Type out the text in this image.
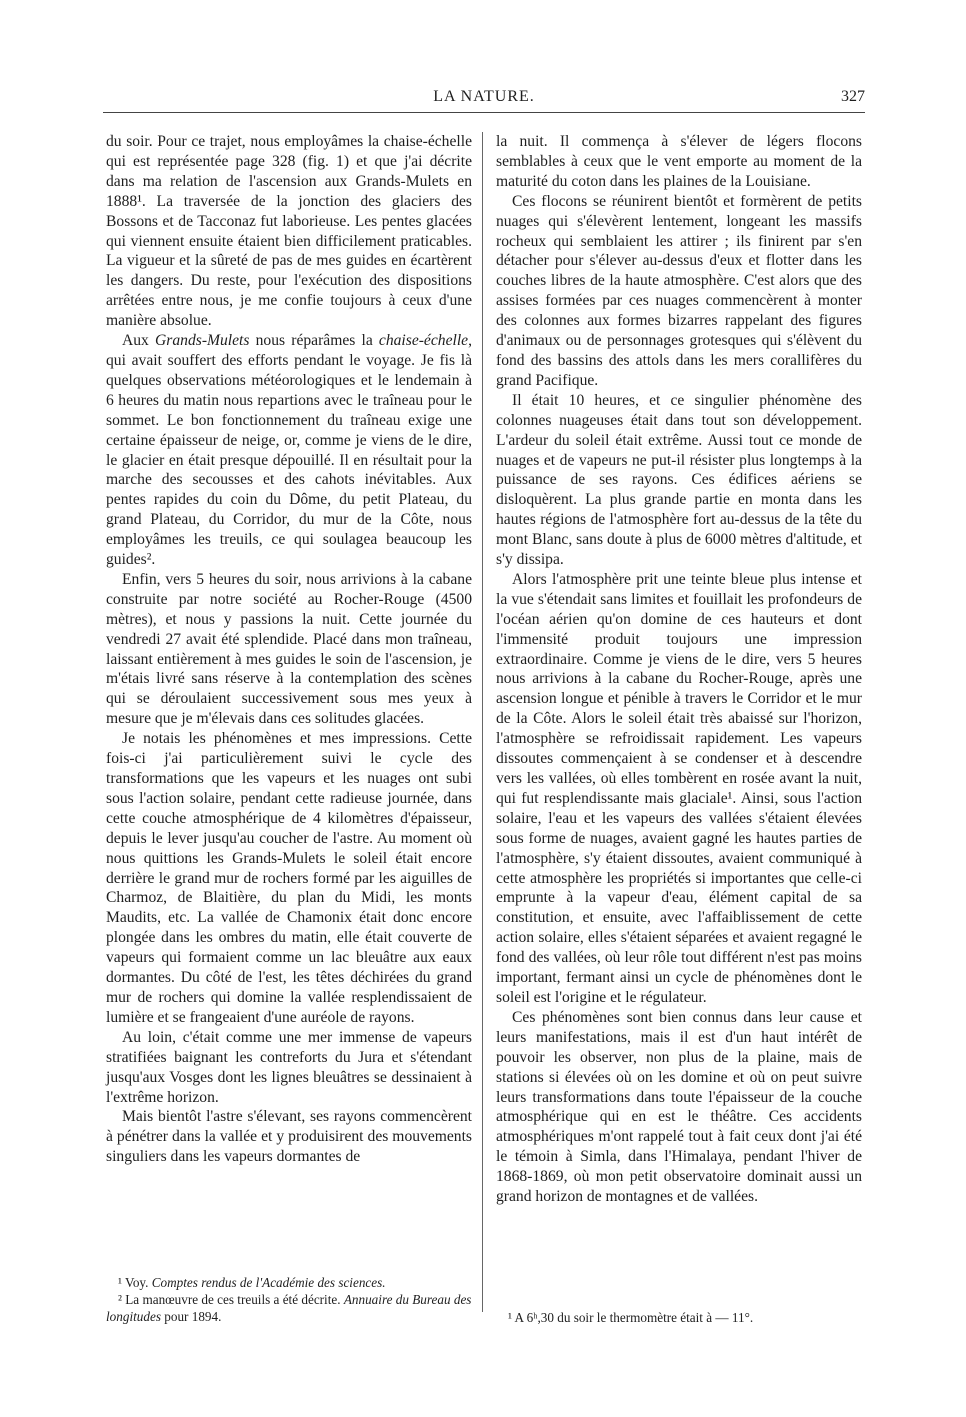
LA NATURE.	327

du soir. Pour ce trajet, nous employâmes la chaise-échelle qui est représentée page 328 (fig. 1) et que j'ai décrite dans ma relation de l'ascension aux Grands-Mulets en 1888¹. La traversée de la jonction des glaciers des Bossons et de Tacconaz fut laborieuse. Les pentes glacées qui viennent ensuite étaient bien difficilement praticables. La vigueur et la sûreté de pas de mes guides en écartèrent les dangers. Du reste, pour l'exécution des dispositions arrêtées entre nous, je me confie toujours à ceux d'une manière absolue.

Aux Grands-Mulets nous réparâmes la chaise-échelle, qui avait souffert des efforts pendant le voyage. Je fis là quelques observations météorologiques et le lendemain à 6 heures du matin nous repartions avec le traîneau pour le sommet. Le bon fonctionnement du traîneau exige une certaine épaisseur de neige, or, comme je viens de le dire, le glacier en était presque dépouillé. Il en résultait pour la marche des secousses et des cahots inévitables. Aux pentes rapides du coin du Dôme, du petit Plateau, du grand Plateau, du Corridor, du mur de la Côte, nous employâmes les treuils, ce qui soulagea beaucoup les guides².

Enfin, vers 5 heures du soir, nous arrivions à la cabane construite par notre société au Rocher-Rouge (4500 mètres), et nous y passions la nuit. Cette journée du vendredi 27 avait été splendide. Placé dans mon traîneau, laissant entièrement à mes guides le soin de l'ascension, je m'étais livré sans réserve à la contemplation des scènes qui se déroulaient successivement sous mes yeux à mesure que je m'élevais dans ces solitudes glacées.

Je notais les phénomènes et mes impressions. Cette fois-ci j'ai particulièrement suivi le cycle des transformations que les vapeurs et les nuages ont subi sous l'action solaire, pendant cette radieuse journée, dans cette couche atmosphérique de 4 kilomètres d'épaisseur, depuis le lever jusqu'au coucher de l'astre. Au moment où nous quittions les Grands-Mulets le soleil était encore derrière le grand mur de rochers formé par les aiguilles de Charmoz, de Blaitière, du plan du Midi, les monts Maudits, etc. La vallée de Chamonix était donc encore plongée dans les ombres du matin, elle était couverte de vapeurs qui formaient comme un lac bleuâtre aux eaux dormantes. Du côté de l'est, les têtes déchirées du grand mur de rochers qui domine la vallée resplendissaient de lumière et se frangeaient d'une auréole de rayons.

Au loin, c'était comme une mer immense de vapeurs stratifiées baignant les contreforts du Jura et s'étendant jusqu'aux Vosges dont les lignes bleuâtres se dessinaient à l'extrême horizon.

Mais bientôt l'astre s'élevant, ses rayons commencèrent à pénétrer dans la vallée et y produisirent des mouvements singuliers dans les vapeurs dormantes de

la nuit. Il commença à s'élever de légers flocons semblables à ceux que le vent emporte au moment de la maturité du coton dans les plaines de la Louisiane.

Ces flocons se réunirent bientôt et formèrent de petits nuages qui s'élevèrent lentement, longeant les massifs rocheux qui semblaient les attirer ; ils finirent par s'en détacher pour s'élever au-dessus d'eux et flotter dans les couches libres de la haute atmosphère. C'est alors que des assises formées par ces nuages commencèrent à monter des colonnes aux formes bizarres rappelant des figures d'animaux ou de personnages grotesques qui s'élèvent du fond des bassins des attols dans les mers corallifères du grand Pacifique.

Il était 10 heures, et ce singulier phénomène des colonnes nuageuses était dans tout son développement. L'ardeur du soleil était extrême. Aussi tout ce monde de nuages et de vapeurs ne put-il résister plus longtemps à la puissance de ses rayons. Ces édifices aériens se disloquèrent. La plus grande partie en monta dans les hautes régions de l'atmosphère fort au-dessus de la tête du mont Blanc, sans doute à plus de 6000 mètres d'altitude, et s'y dissipa.

Alors l'atmosphère prit une teinte bleue plus intense et la vue s'étendait sans limites et fouillait les profondeurs de l'océan aérien qu'on domine de ces hauteurs et dont l'immensité produit toujours une impression extraordinaire. Comme je viens de le dire, vers 5 heures nous arrivions à la cabane du Rocher-Rouge, après une ascension longue et pénible à travers le Corridor et le mur de la Côte. Alors le soleil était très abaissé sur l'horizon, l'atmosphère se refroidissait rapidement. Les vapeurs dissoutes commençaient à se condenser et à descendre vers les vallées, où elles tombèrent en rosée avant la nuit, qui fut resplendissante mais glaciale¹. Ainsi, sous l'action solaire, l'eau et les vapeurs des vallées s'étaient élevées sous forme de nuages, avaient gagné les hautes parties de l'atmosphère, s'y étaient dissoutes, avaient communiqué à cette atmosphère les propriétés si importantes que celle-ci emprunte à la vapeur d'eau, élément capital de sa constitution, et ensuite, avec l'affaiblissement de cette action solaire, elles s'étaient séparées et avaient regagné le fond des vallées, où leur rôle tout différent n'est pas moins important, fermant ainsi un cycle de phénomènes dont le soleil est l'origine et le régulateur.

Ces phénomènes sont bien connus dans leur cause et leurs manifestations, mais il est d'un haut intérêt de pouvoir les observer, non plus de la plaine, mais de stations si élevées où on les domine et où on peut suivre leurs transformations dans toute l'épaisseur de la couche atmosphérique qui en est le théâtre. Ces accidents atmosphériques m'ont rappelé tout à fait ceux dont j'ai été le témoin à Simla, dans l'Himalaya, pendant l'hiver de 1868-1869, où mon petit observatoire dominait aussi un grand horizon de montagnes et de vallées.

¹ Voy. Comptes rendus de l'Académie des sciences.

² La manœuvre de ces treuils a été décrite. Annuaire du Bureau des longitudes pour 1894.	¹ A 6ʰ,30 du soir le thermomètre était à — 11°.
